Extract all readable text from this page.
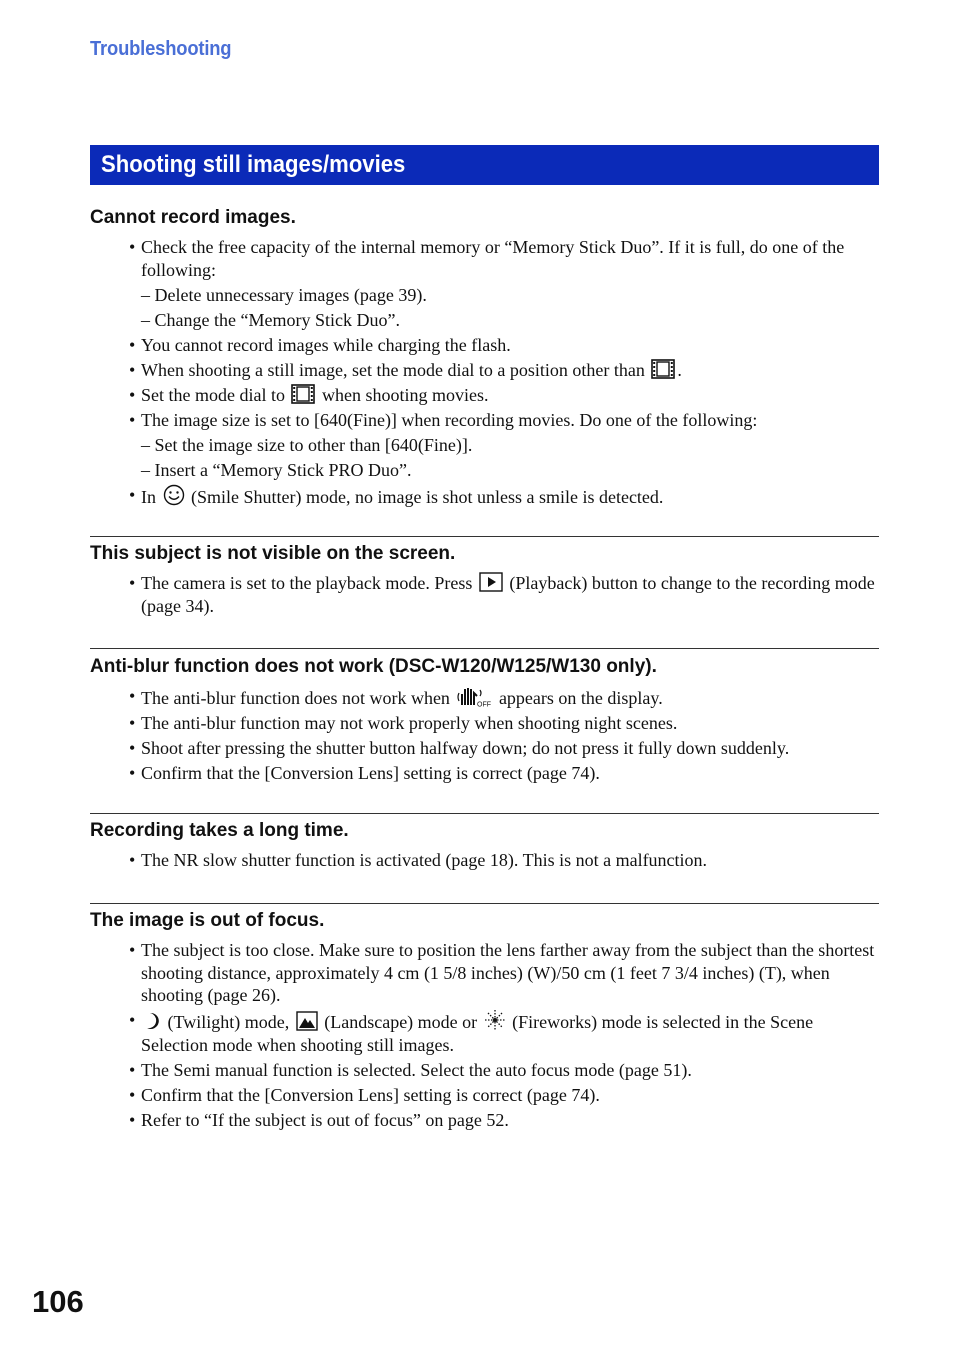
Troubleshooting
Shooting still images/movies
Cannot record images.
• Check the free capacity of the internal memory or “Memory Stick Duo”. If it is full, do one of the following:
– Delete unnecessary images (page 39).
– Change the “Memory Stick Duo”.
• You cannot record images while charging the flash.
• When shooting a still image, set the mode dial to a position other than .
• Set the mode dial to when shooting movies.
• The image size is set to [640(Fine)] when recording movies. Do one of the following:
– Set the image size to other than [640(Fine)].
– Insert a “Memory Stick PRO Duo”.
• In (Smile Shutter) mode, no image is shot unless a smile is detected.
This subject is not visible on the screen.
• The camera is set to the playback mode. Press (Playback) button to change to the recording mode (page 34).
Anti-blur function does not work (DSC-W120/W125/W130 only).
• The anti-blur function does not work when	OFF appears on the display.
• The anti-blur function may not work properly when shooting night scenes.
• Shoot after pressing the shutter button halfway down; do not press it fully down suddenly.
• Confirm that the [Conversion Lens] setting is correct (page 74).
Recording takes a long time.
• The NR slow shutter function is activated (page 18). This is not a malfunction.
The image is out of focus.
• The subject is too close. Make sure to position the lens farther away from the subject than the shortest shooting distance, approximately 4 cm (1 5/8 inches) (W)/50 cm (1 feet 7 3/4 inches) (T), when shooting (page 26).
• (Twilight) mode, (Landscape) mode or (Fireworks) mode is selected in the Scene Selection mode when shooting still images.
• The Semi manual function is selected. Select the auto focus mode (page 51).
• Confirm that the [Conversion Lens] setting is correct (page 74).
• Refer to “If the subject is out of focus” on page 52.
106
